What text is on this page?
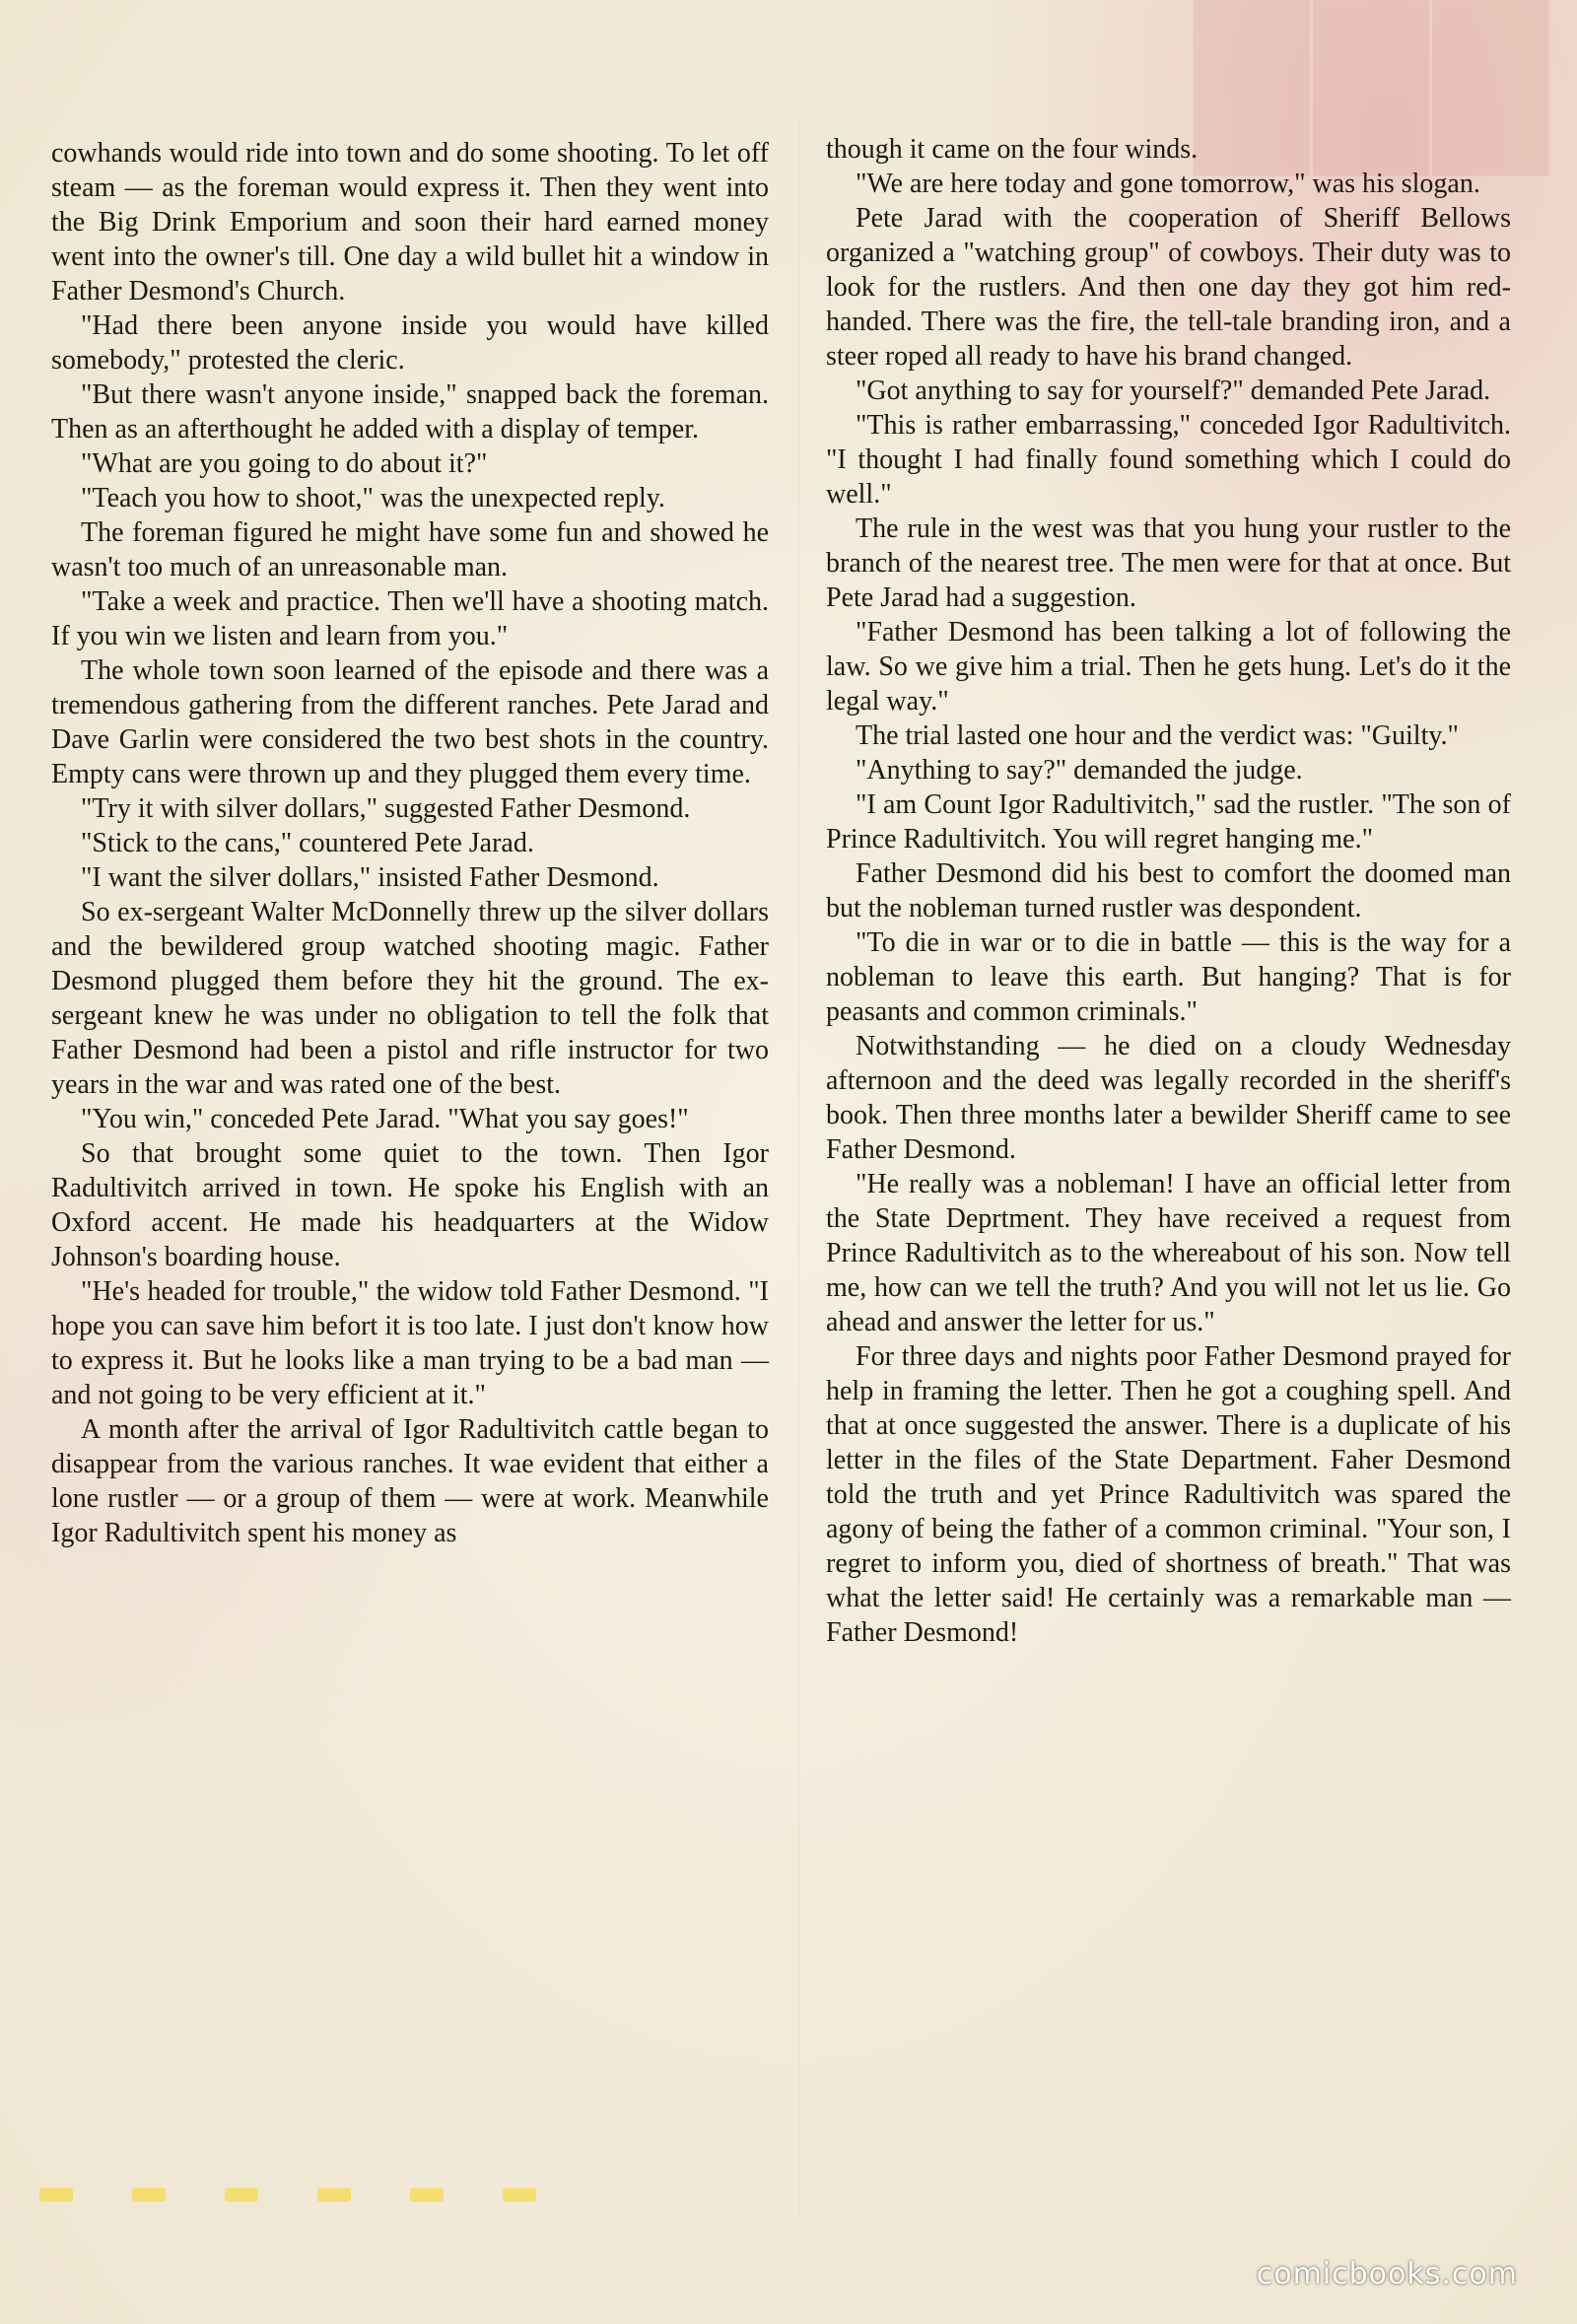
███

cowhands would ride into town and do some shooting. To let off steam — as the foreman would express it. Then they went into the Big Drink Emporium and soon their hard earned money went into the owner's till. One day a wild bullet hit a window in Father Desmond's Church.

"Had there been anyone inside you would have killed somebody," protested the cleric.

"But there wasn't anyone inside," snapped back the foreman. Then as an afterthought he added with a display of temper.

"What are you going to do about it?"

"Teach you how to shoot," was the unexpected reply.

The foreman figured he might have some fun and showed he wasn't too much of an unreasonable man.

"Take a week and practice. Then we'll have a shooting match. If you win we listen and learn from you."

The whole town soon learned of the episode and there was a tremendous gathering from the different ranches. Pete Jarad and Dave Garlin were considered the two best shots in the country. Empty cans were thrown up and they plugged them every time.

"Try it with silver dollars," suggested Father Desmond.

"Stick to the cans," countered Pete Jarad.

"I want the silver dollars," insisted Father Desmond.

So ex-sergeant Walter McDonnelly threw up the silver dollars and the bewildered group watched shooting magic. Father Desmond plugged them before they hit the ground. The ex-sergeant knew he was under no obligation to tell the folk that Father Desmond had been a pistol and rifle instructor for two years in the war and was rated one of the best.

"You win," conceded Pete Jarad. "What you say goes!"

So that brought some quiet to the town. Then Igor Radultivitch arrived in town. He spoke his English with an Oxford accent. He made his headquarters at the Widow Johnson's boarding house.

"He's headed for trouble," the widow told Father Desmond. "I hope you can save him befort it is too late. I just don't know how to express it. But he looks like a man trying to be a bad man — and not going to be very efficient at it."

A month after the arrival of Igor Radultivitch cattle began to disappear from the various ranches. It wae evident that either a lone rustler — or a group of them — were at work. Meanwhile Igor Radultivitch spent his money as

though it came on the four winds.

"We are here today and gone tomorrow," was his slogan.

Pete Jarad with the cooperation of Sheriff Bellows organized a "watching group" of cowboys. Their duty was to look for the rustlers. And then one day they got him red-handed. There was the fire, the tell-tale branding iron, and a steer roped all ready to have his brand changed.

"Got anything to say for yourself?" demanded Pete Jarad.

"This is rather embarrassing," conceded Igor Radultivitch. "I thought I had finally found something which I could do well."

The rule in the west was that you hung your rustler to the branch of the nearest tree. The men were for that at once. But Pete Jarad had a suggestion.

"Father Desmond has been talking a lot of following the law. So we give him a trial. Then he gets hung. Let's do it the legal way."

The trial lasted one hour and the verdict was: "Guilty."

"Anything to say?" demanded the judge.

"I am Count Igor Radultivitch," sad the rustler. "The son of Prince Radultivitch. You will regret hanging me."

Father Desmond did his best to comfort the doomed man but the nobleman turned rustler was despondent.

"To die in war or to die in battle — this is the way for a nobleman to leave this earth. But hanging? That is for peasants and common criminals."

Notwithstanding — he died on a cloudy Wednesday afternoon and the deed was legally recorded in the sheriff's book. Then three months later a bewilder Sheriff came to see Father Desmond.

"He really was a nobleman! I have an official letter from the State Deprtment. They have received a request from Prince Radultivitch as to the whereabout of his son. Now tell me, how can we tell the truth? And you will not let us lie. Go ahead and answer the letter for us."

For three days and nights poor Father Desmond prayed for help in framing the letter. Then he got a coughing spell. And that at once suggested the answer. There is a duplicate of his letter in the files of the State Department. Faher Desmond told the truth and yet Prince Radultivitch was spared the agony of being the father of a common criminal. "Your son, I regret to inform you, died of shortness of breath." That was what the letter said! He certainly was a remarkable man — Father Desmond!

comicbooks.com
